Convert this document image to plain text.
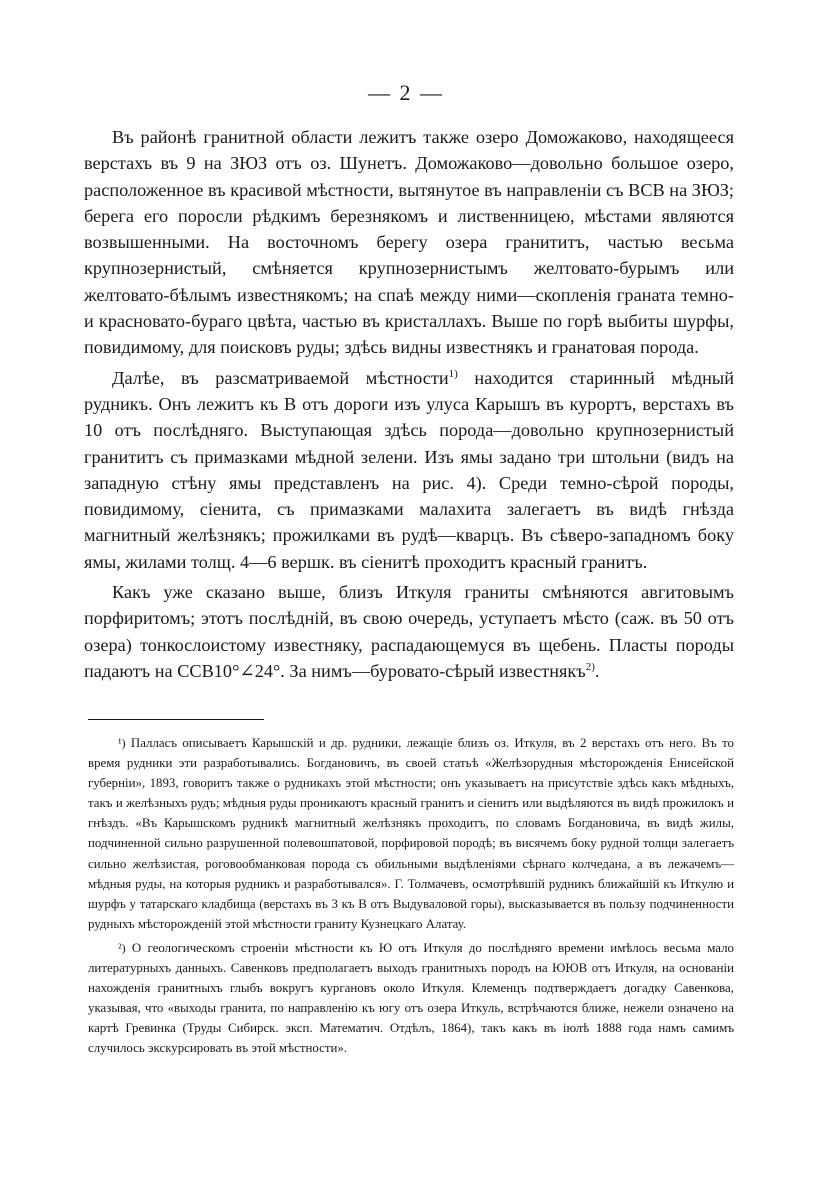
— 2 —

Въ районѣ гранитной области лежитъ также озеро Доможаково, находящееся верстахъ въ 9 на ЗЮЗ отъ оз. Шунетъ. Доможаково—довольно большое озеро, расположенное въ красивой мѣстности, вытянутое въ направленіи съ ВСВ на ЗЮЗ; берега его поросли рѣдкимъ березнякомъ и лиственницею, мѣстами являются возвышенными. На восточномъ берегу озера гранититъ, частью весьма крупнозернистый, смѣняется крупнозернистымъ желтовато-бурымъ или желтовато-бѣлымъ известнякомъ; на спаѣ между ними—скопленія граната темно- и красновато-бураго цвѣта, частью въ кристаллахъ. Выше по горѣ выбиты шурфы, повидимому, для поисковъ руды; здѣсь видны известнякъ и гранатовая порода.

Далѣе, въ разсматриваемой мѣстности$^{1)}$ находится старинный мѣдный рудникъ. Онъ лежитъ къ В отъ дороги изъ улуса Карышъ въ курортъ, верстахъ въ 10 отъ послѣдняго. Выступающая здѣсь порода—довольно крупнозернистый гранититъ съ примазками мѣдной зелени. Изъ ямы задано три штольни (видъ на западную стѣну ямы представленъ на рис. 4). Среди темно-сѣрой породы, повидимому, сіенита, съ примазками малахита залегаетъ въ видѣ гнѣзда магнитный желѣзнякъ; прожилками въ рудѣ—кварцъ. Въ сѣверо-западномъ боку ямы, жилами толщ. 4—6 вершк. въ сіенитѣ проходитъ красный гранитъ.

Какъ уже сказано выше, близъ Иткуля граниты смѣняются авгитовымъ порфиритомъ; этотъ послѣдній, въ свою очередь, уступаетъ мѣсто (саж. въ 50 отъ озера) тонкослоистому известняку, распадающемуся въ щебень. Пласты породы падаютъ на ССВ10°∠24°. За нимъ—буровато-сѣрый известнякъ$^{2)}$.

¹) Палласъ описываетъ Карышскій и др. рудники, лежащіе близъ оз. Иткуля, въ 2 верстахъ отъ него. Въ то время рудники эти разработывались. Богдановичъ, въ своей статьѣ «Желѣзорудныя мѣсторожденія Енисейской губерніи», 1893, говоритъ также о рудникахъ этой мѣстности; онъ указываетъ на присутствіе здѣсь какъ мѣдныхъ, такъ и желѣзныхъ рудъ; мѣдныя руды проникаютъ красный гранитъ и сіенитъ или выдѣляются въ видѣ прожилокъ и гнѣздъ. «Въ Карышскомъ рудникѣ магнитный желѣзнякъ проходитъ, по словамъ Богдановича, въ видѣ жилы, подчиненной сильно разрушенной полевошпатовой, порфировой породѣ; въ висячемъ боку рудной толщи залегаетъ сильно желѣзистая, роговообманковая порода съ обильными выдѣленіями сѣрнаго колчедана, а въ лежачемъ—мѣдныя руды, на которыя рудникъ и разработывался». Г. Толмачевъ, осмотрѣвшій рудникъ ближайшій къ Иткулю и шурфъ у татарскаго кладбища (верстахъ въ 3 къ В отъ Выдуваловой горы), высказывается въ пользу подчиненности рудныхъ мѣсторожденій этой мѣстности граниту Кузнецкаго Алатау.

²) О геологическомъ строеніи мѣстности къ Ю отъ Иткуля до послѣдняго времени имѣлось весьма мало литературныхъ данныхъ. Савенковъ предполагаетъ выходъ гранитныхъ породъ на ЮЮВ отъ Иткуля, на основаніи нахожденія гранитныхъ глыбъ вокругъ кургановъ около Иткуля. Клеменцъ подтверждаетъ догадку Савенкова, указывая, что «выходы гранита, по направленію къ югу отъ озера Иткуль, встрѣчаются ближе, нежели означено на картѣ Гревинка (Труды Сибирск. эксп. Математич. Отдѣлъ, 1864), такъ какъ въ іюлѣ 1888 года намъ самимъ случилось экскурсировать въ этой мѣстности».
